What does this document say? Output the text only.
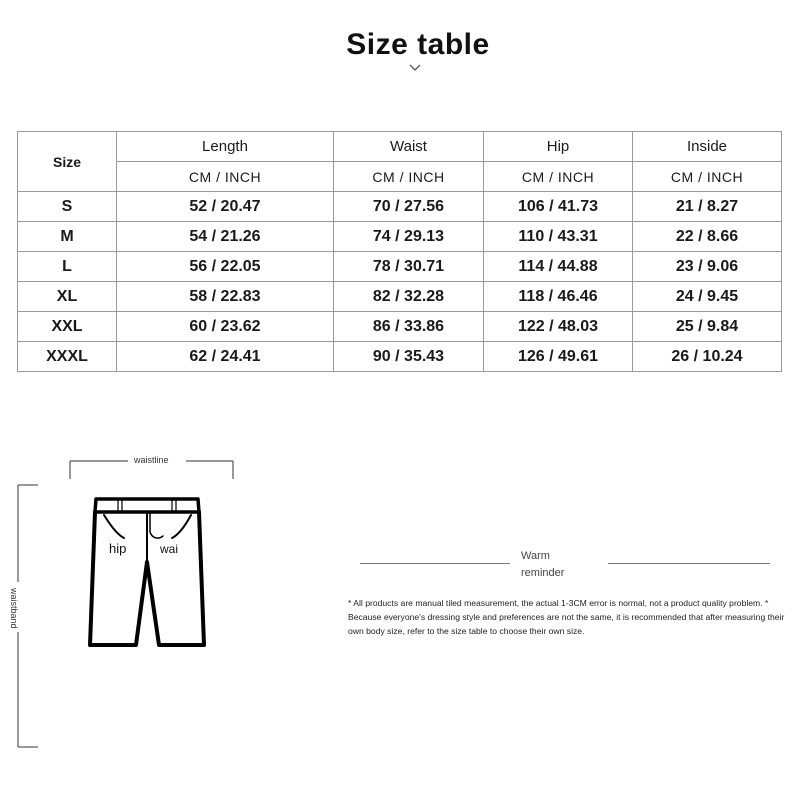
Size table
Size	Length	Waist	Hip	Inside
	CM / INCH	CM / INCH	CM / INCH	CM / INCH
S	52 / 20.47	70 / 27.56	106 / 41.73	21 / 8.27
M	54 / 21.26	74 / 29.13	110 / 43.31	22 / 8.66
L	56 / 22.05	78 / 30.71	114 / 44.88	23 / 9.06
XL	58 / 22.83	82 / 32.28	118 / 46.46	24 / 9.45
XXL	60 / 23.62	86 / 33.86	122 / 48.03	25 / 9.84
XXXL	62 / 24.41	90 / 35.43	126 / 49.61	26 / 10.24
waistline
waistband
hip	wai	Warm
reminder
* All products are manual tiled measurement, the actual 1-3CM error is normal, not a product quality problem. * Because everyone's dressing style and preferences are not the same, it is recommended that after measuring their own body size, refer to the size table to choose their own size.
